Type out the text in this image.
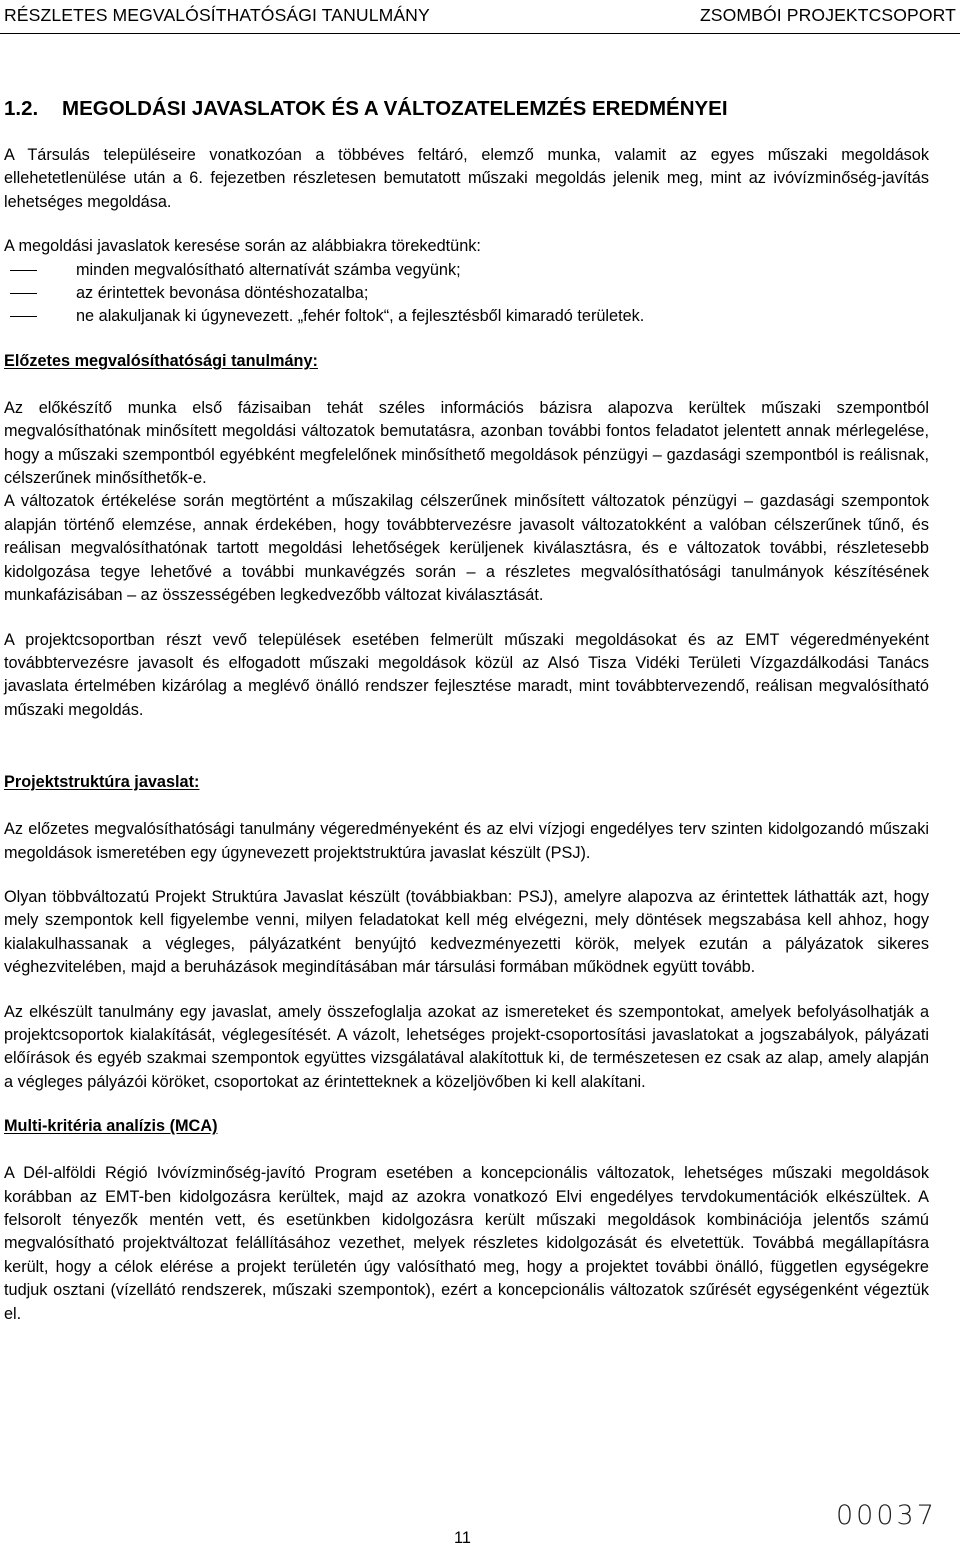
RÉSZLETES MEGVALÓSÍTHATÓSÁGI TANULMÁNY	ZSOMBÓI PROJEKTCSOPORT
1.2.	MEGOLDÁSI JAVASLATOK ÉS A VÁLTOZATELEMZÉS EREDMÉNYEI

A Társulás településeire vonatkozóan a többéves feltáró, elemző munka, valamit az egyes műszaki megoldások ellehetetlenülése után a 6. fejezetben részletesen bemutatott műszaki megoldás jelenik meg, mint az ivóvízminőség-javítás lehetséges megoldása.

A megoldási javaslatok keresése során az alábbiakra törekedtünk:

minden megvalósítható alternatívát számba vegyünk;
az érintettek bevonása döntéshozatalba;
ne alakuljanak ki úgynevezett. „fehér foltok“, a fejlesztésből kimaradó területek.
Előzetes megvalósíthatósági tanulmány:

Az előkészítő munka első fázisaiban tehát széles információs bázisra alapozva kerültek műszaki szempontból megvalósíthatónak minősített megoldási változatok bemutatásra, azonban további fontos feladatot jelentett annak mérlegelése, hogy a műszaki szempontból egyébként megfelelőnek minősíthető megoldások pénzügyi – gazdasági szempontból is reálisnak, célszerűnek minősíthetők-e.

A változatok értékelése során megtörtént a műszakilag célszerűnek minősített változatok pénzügyi – gazdasági szempontok alapján történő elemzése, annak érdekében, hogy továbbtervezésre javasolt változatokként a valóban célszerűnek tűnő, és reálisan megvalósíthatónak tartott megoldási lehetőségek kerüljenek kiválasztásra, és e változatok további, részletesebb kidolgozása tegye lehetővé a további munkavégzés során – a részletes megvalósíthatósági tanulmányok készítésének munkafázisában – az összességében legkedvezőbb változat kiválasztását.

A projektcsoportban részt vevő települések esetében felmerült műszaki megoldásokat és az EMT végeredményeként továbbtervezésre javasolt és elfogadott műszaki megoldások közül az Alsó Tisza Vidéki Területi Vízgazdálkodási Tanács javaslata értelmében kizárólag a meglévő önálló rendszer fejlesztése maradt, mint továbbtervezendő, reálisan megvalósítható műszaki megoldás.

Projektstruktúra javaslat:

Az előzetes megvalósíthatósági tanulmány végeredményeként és az elvi vízjogi engedélyes terv szinten kidolgozandó műszaki megoldások ismeretében egy úgynevezett projektstruktúra javaslat készült (PSJ).

Olyan többváltozatú Projekt Struktúra Javaslat készült (továbbiakban: PSJ), amelyre alapozva az érintettek láthatták azt, hogy mely szempontok kell figyelembe venni, milyen feladatokat kell még elvégezni, mely döntések megszabása kell ahhoz, hogy kialakulhassanak a végleges, pályázatként benyújtó kedvezményezetti körök, melyek ezután a pályázatok sikeres véghezvitelében, majd a beruházások megindításában már társulási formában működnek együtt tovább.

Az elkészült tanulmány egy javaslat, amely összefoglalja azokat az ismereteket és szempontokat, amelyek befolyásolhatják a projektcsoportok kialakítását, véglegesítését. A vázolt, lehetséges projekt-csoportosítási javaslatokat a jogszabályok, pályázati előírások és egyéb szakmai szempontok együttes vizsgálatával alakítottuk ki, de természetesen ez csak az alap, amely alapján a végleges pályázói köröket, csoportokat az érintetteknek a közeljövőben ki kell alakítani.

Multi-kritéria analízis (MCA)

A Dél-alföldi Régió Ivóvízminőség-javító Program esetében a koncepcionális változatok, lehetséges műszaki megoldások korábban az EMT-ben kidolgozásra kerültek, majd az azokra vonatkozó Elvi engedélyes tervdokumentációk elkészültek. A felsorolt tényezők mentén vett, és esetünkben kidolgozásra került műszaki megoldások kombinációja jelentős számú megvalósítható projektváltozat felállításához vezethet, melyek részletes kidolgozását és elvetettük. Továbbá megállapításra került, hogy a célok elérése a projekt területén úgy valósítható meg, hogy a projektet további önálló, független egységekre tudjuk osztani (vízellátó rendszerek, műszaki szempontok), ezért a koncepcionális változatok szűrését egységenként végeztük el.

11
00037
